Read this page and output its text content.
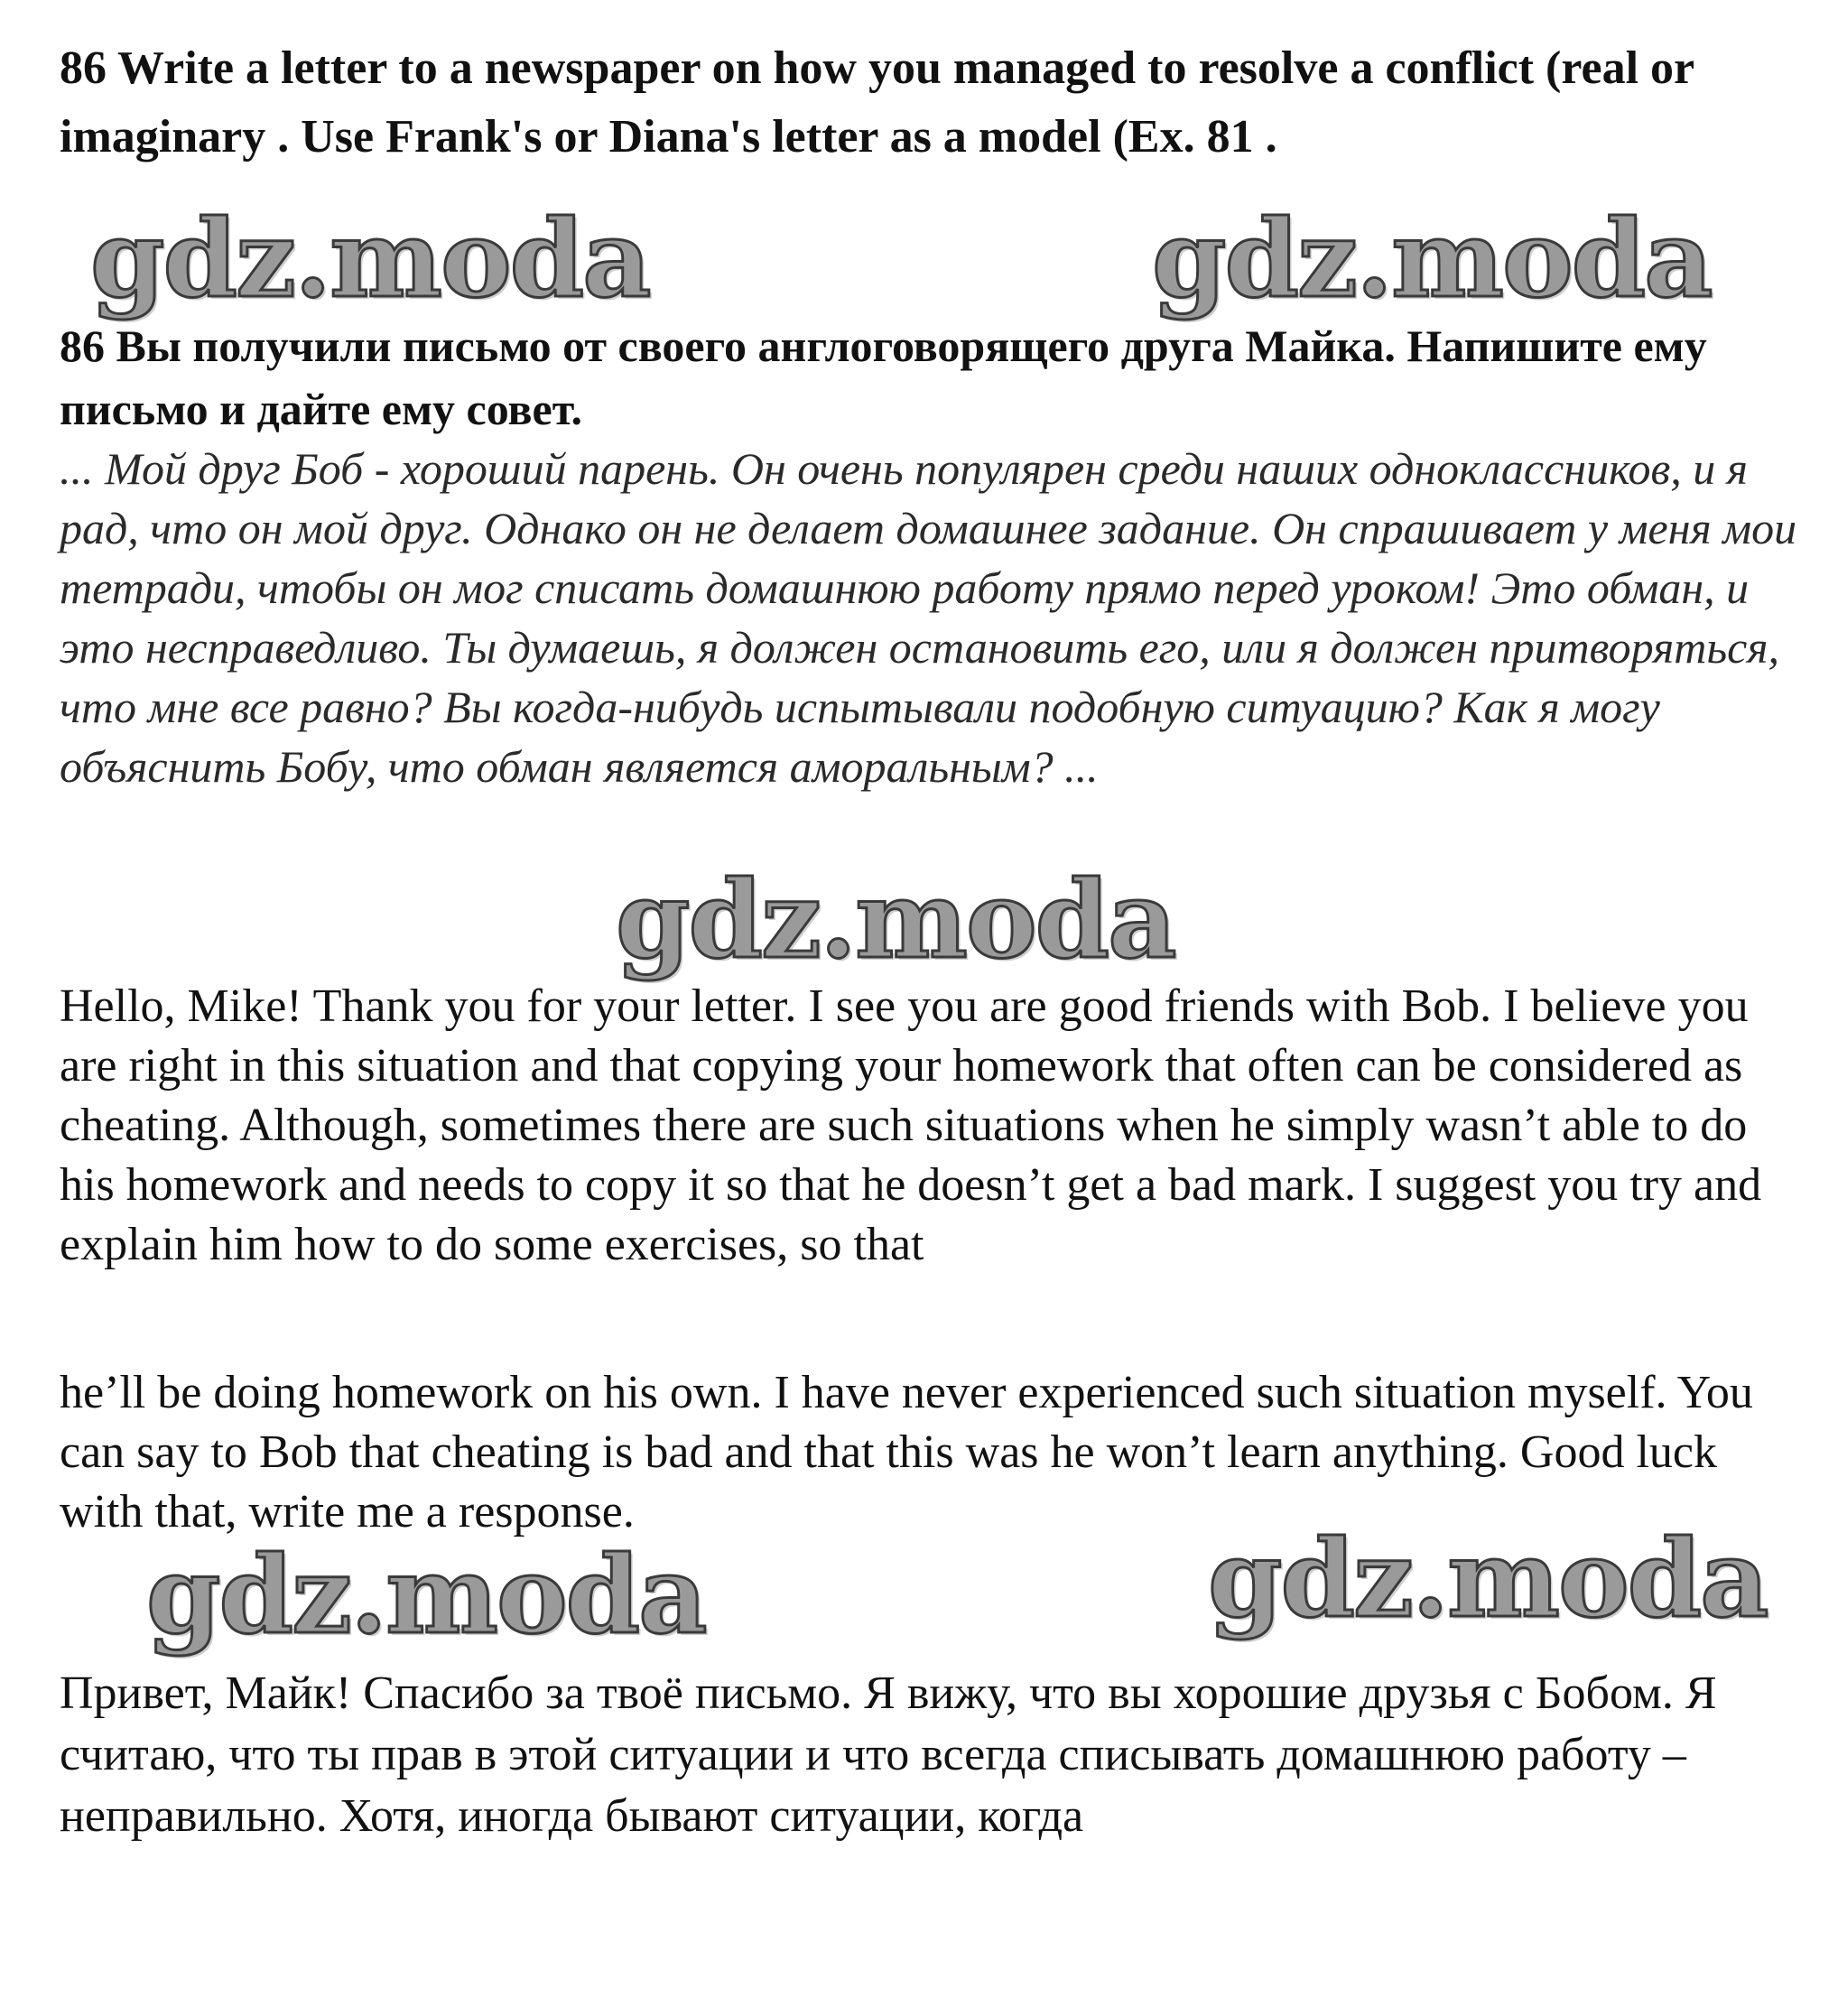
86 Write a letter to a newspaper on how you managed to resolve a conflict (real or imaginary . Use Frank's or Diana's letter as a model (Ex. 81 .

gdz.moda	gdz.moda

86 Вы получили письмо от своего англоговорящего друга Майка. Напишите ему письмо и дайте ему совет.

... Мой друг Боб - хороший парень. Он очень популярен среди наших одноклассников, и я рад, что он мой друг. Однако он не делает домашнее задание. Он спрашивает у меня мои тетради, чтобы он мог списать домашнюю работу прямо перед уроком! Это обман, и это несправедливо. Ты думаешь, я должен остановить его, или я должен притворяться, что мне все равно? Вы когда-нибудь испытывали подобную ситуацию? Как я могу объяснить Бобу, что обман является аморальным? ...

gdz.moda

Hello, Mike! Thank you for your letter. I see you are good friends with Bob. I believe you are right in this situation and that copying your homework that often can be considered as cheating. Although, sometimes there are such situations when he simply wasn’t able to do his homework and needs to copy it so that he doesn’t get a bad mark. I suggest you try and explain him how to do some exercises, so that

he’ll be doing homework on his own. I have never experienced such situation myself. You can say to Bob that cheating is bad and that this was he won’t learn anything. Good luck with that, write me a response.

gdz.moda	gdz.moda

Привет, Майк! Спасибо за твоё письмо. Я вижу, что вы хорошие друзья с Бобом. Я считаю, что ты прав в этой ситуации и что всегда списывать домашнюю работу – неправильно. Хотя, иногда бывают ситуации, когда
